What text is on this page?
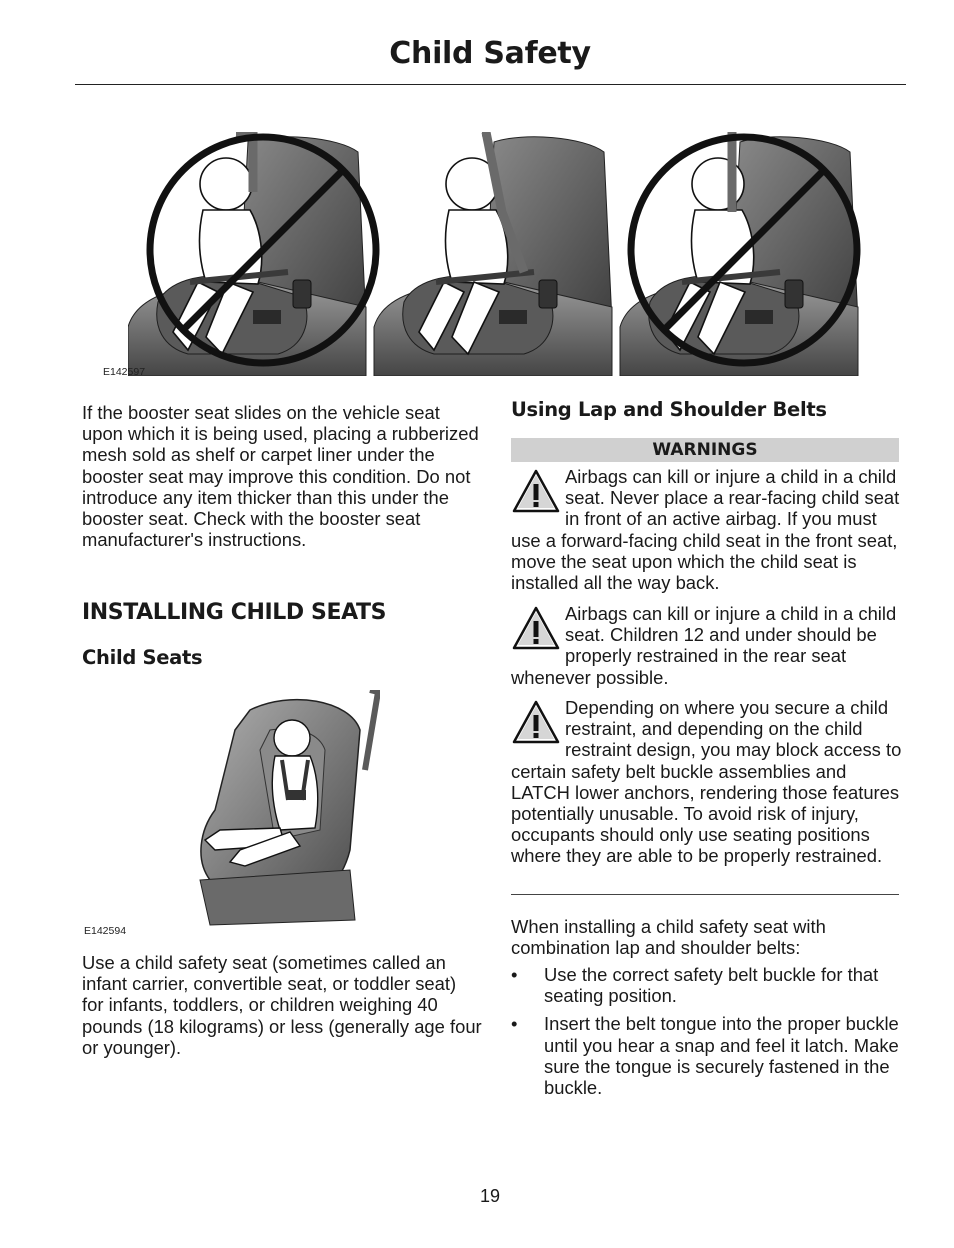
Child Safety
E142597

If the booster seat slides on the vehicle seat upon which it is being used, placing a rubberized mesh sold as shelf or carpet liner under the booster seat may improve this condition. Do not introduce any item thicker than this under the booster seat. Check with the booster seat manufacturer's instructions.

INSTALLING CHILD SEATS
Child Seats
E142594

Use a child safety seat (sometimes called an infant carrier, convertible seat, or toddler seat) for infants, toddlers, or children weighing 40 pounds (18 kilograms) or less (generally age four or younger).

Using Lap and Shoulder Belts
WARNINGS

Airbags can kill or injure a child in a child seat. Never place a rear-facing child seat in front of an active airbag. If you must use a forward-facing child seat in the front seat, move the seat upon which the child seat is installed all the way back.

Airbags can kill or injure a child in a child seat. Children 12 and under should be properly restrained in the rear seat whenever possible.

Depending on where you secure a child restraint, and depending on the child restraint design, you may block access to certain safety belt buckle assemblies and LATCH lower anchors, rendering those features potentially unusable. To avoid risk of injury, occupants should only use seating positions where they are able to be properly restrained.

When installing a child safety seat with combination lap and shoulder belts:

• Use the correct safety belt buckle for that seating position.
• Insert the belt tongue into the proper buckle until you hear a snap and feel it latch. Make sure the tongue is securely fastened in the buckle.
19
